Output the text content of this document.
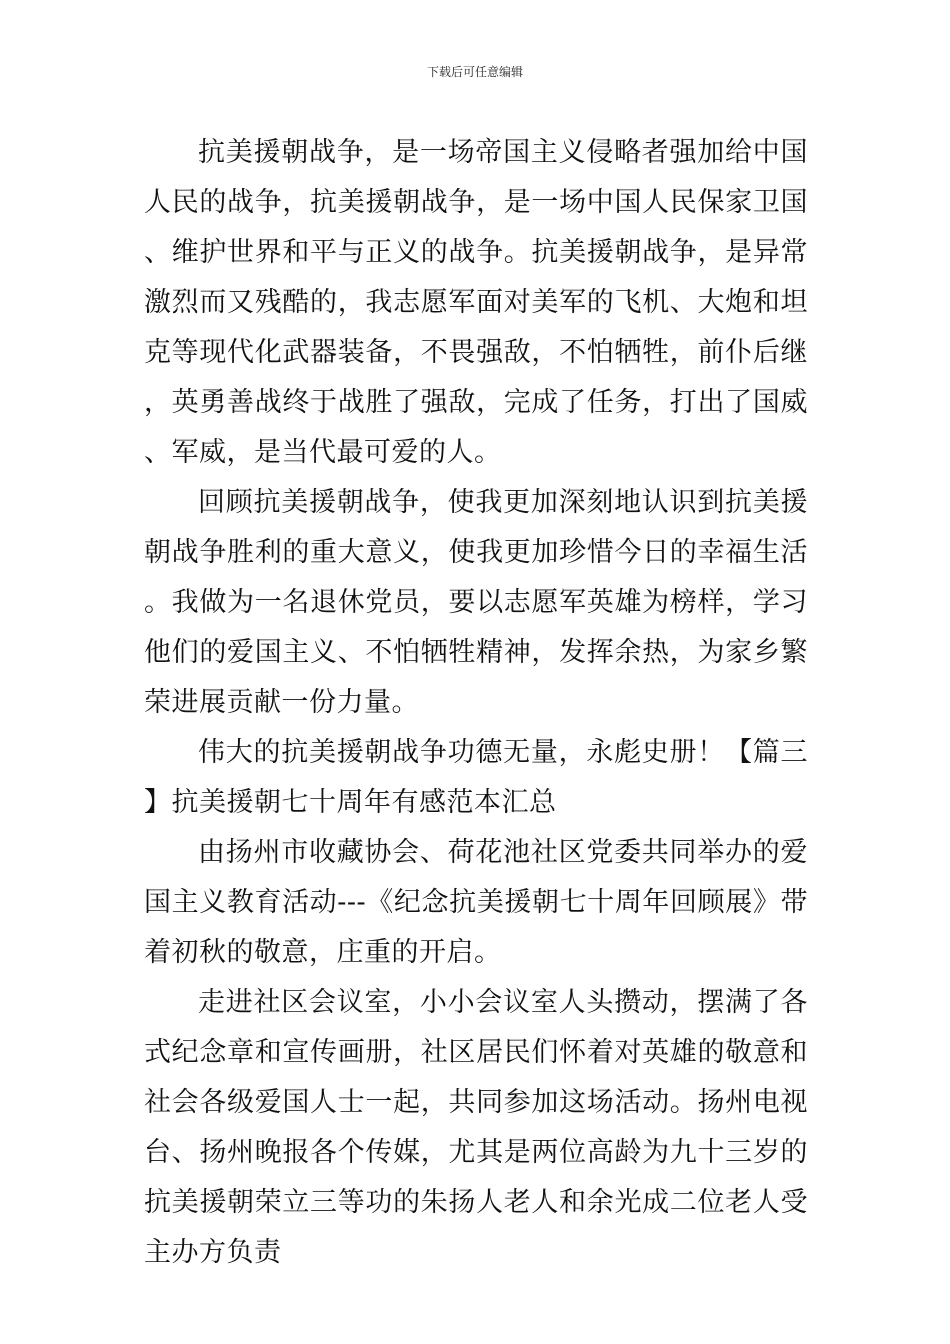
下载后可任意编辑

抗美援朝战争，是一场帝国主义侵略者强加给中国人民的战争，抗美援朝战争，是一场中国人民保家卫国、维护世界和平与正义的战争。抗美援朝战争，是异常激烈而又残酷的，我志愿军面对美军的飞机、大炮和坦克等现代化武器装备，不畏强敌，不怕牺牲，前仆后继，英勇善战终于战胜了强敌，完成了任务，打出了国威、军威，是当代最可爱的人。

回顾抗美援朝战争，使我更加深刻地认识到抗美援朝战争胜利的重大意义，使我更加珍惜今日的幸福生活。我做为一名退休党员，要以志愿军英雄为榜样，学习他们的爱国主义、不怕牺牲精神，发挥余热，为家乡繁荣进展贡献一份力量。

伟大的抗美援朝战争功德无量，永彪史册！【篇三】抗美援朝七十周年有感范本汇总

由扬州市收藏协会、荷花池社区党委共同举办的爱国主义教育活动---《纪念抗美援朝七十周年回顾展》带着初秋的敬意，庄重的开启。

走进社区会议室，小小会议室人头攒动，摆满了各式纪念章和宣传画册，社区居民们怀着对英雄的敬意和社会各级爱国人士一起，共同参加这场活动。扬州电视台、扬州晚报各个传媒，尤其是两位高龄为九十三岁的抗美援朝荣立三等功的朱扬人老人和余光成二位老人受主办方负责
